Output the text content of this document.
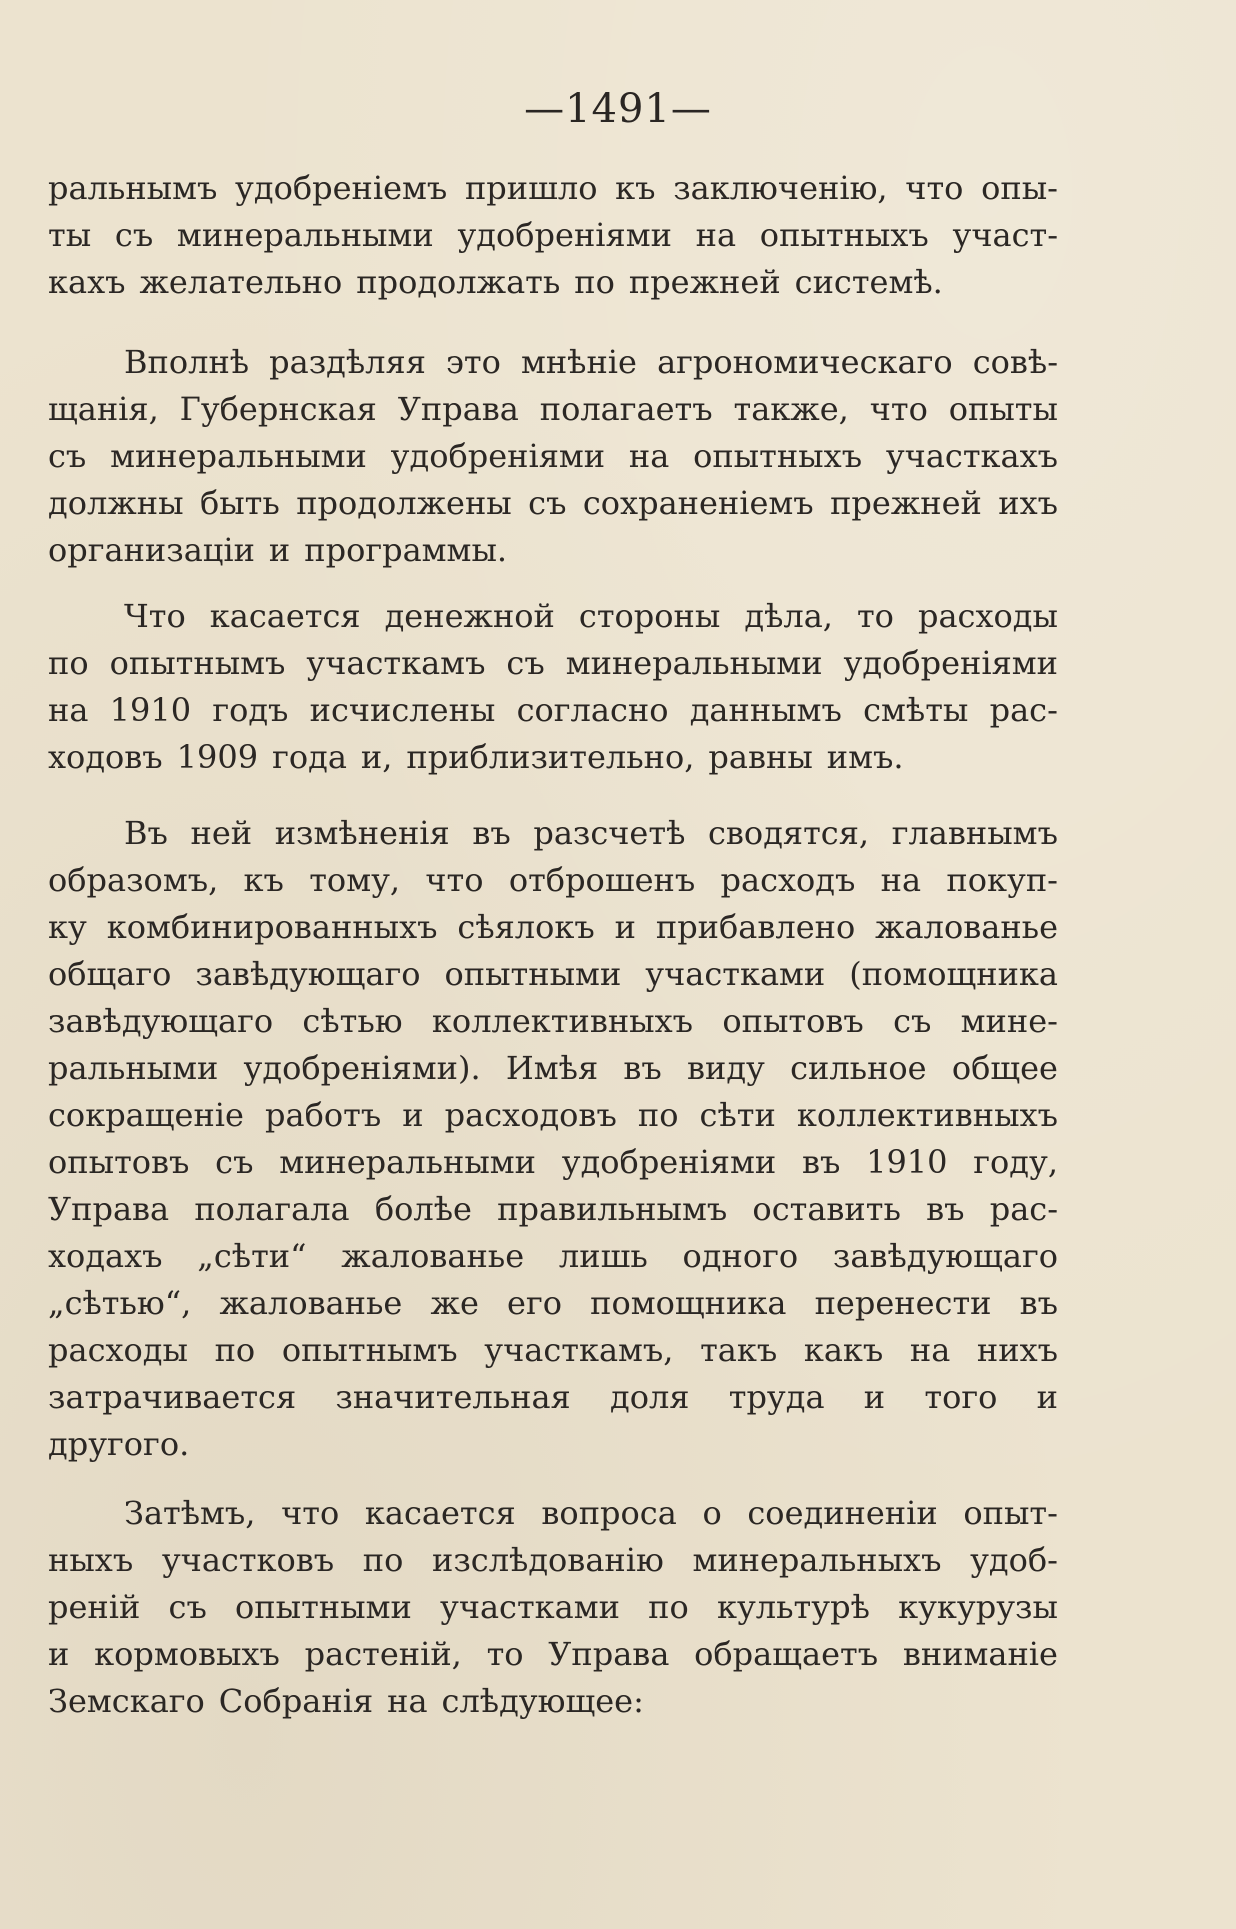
—1491—
ральнымъ удобреніемъ пришло къ заключенію, что опы-
ты съ минеральными удобреніями на опытныхъ участ-
кахъ желательно продолжать по прежней системѣ.
Вполнѣ раздѣляя это мнѣніе агрономическаго совѣ-
щанія, Губернская Управа полагаетъ также, что опыты
съ минеральными удобреніями на опытныхъ участкахъ
должны быть продолжены съ сохраненіемъ прежней ихъ
организаціи и программы.
Что касается денежной стороны дѣла, то расходы
по опытнымъ участкамъ съ минеральными удобреніями
на 1910 годъ исчислены согласно даннымъ смѣты рас-
ходовъ 1909 года и, приблизительно, равны имъ.
Въ ней измѣненія въ разсчетѣ сводятся, главнымъ
образомъ, къ тому, что отброшенъ расходъ на покуп-
ку комбинированныхъ сѣялокъ и прибавлено жалованье
общаго завѣдующаго опытными участками (помощника
завѣдующаго сѣтью коллективныхъ опытовъ съ мине-
ральными удобреніями). Имѣя въ виду сильное общее
сокращеніе работъ и расходовъ по сѣти коллективныхъ
опытовъ съ минеральными удобреніями въ 1910 году,
Управа полагала болѣе правильнымъ оставить въ рас-
ходахъ „сѣти“ жалованье лишь одного завѣдующаго
„сѣтью“, жалованье же его помощника перенести въ
расходы по опытнымъ участкамъ, такъ какъ на нихъ
затрачивается значительная доля труда и того и
другого.
Затѣмъ, что касается вопроса о соединеніи опыт-
ныхъ участковъ по изслѣдованію минеральныхъ удоб-
реній съ опытными участками по культурѣ кукурузы
и кормовыхъ растеній, то Управа обращаетъ вниманіе
Земскаго Собранія на слѣдующее:
